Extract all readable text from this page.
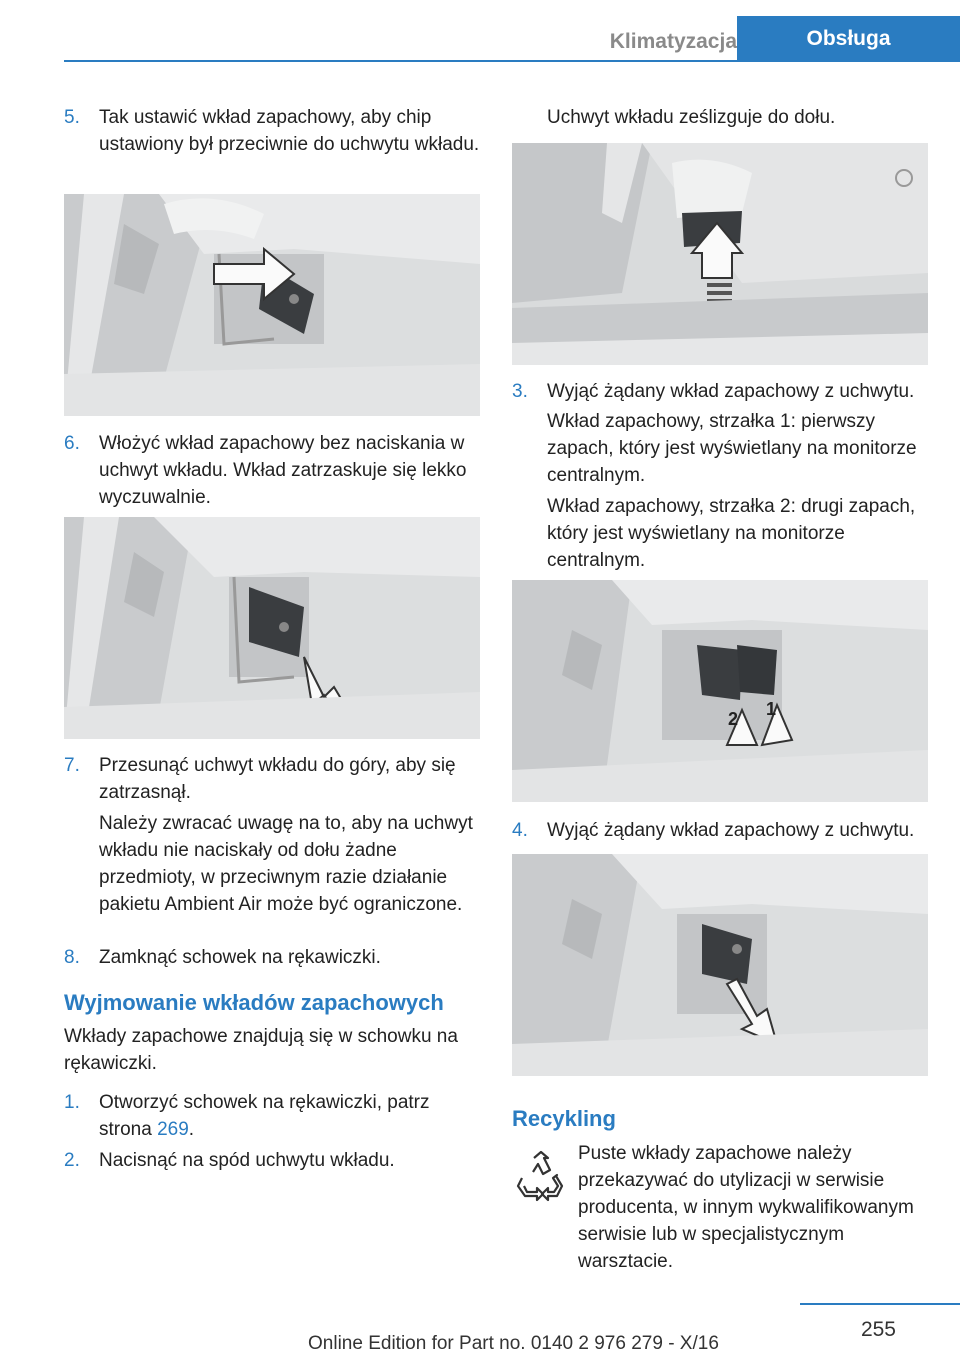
Klimatyzacja	Obsługa
5. Tak ustawić wkład zapachowy, aby chip ustawiony był przeciwnie do uchwytu wkładu.
6. Włożyć wkład zapachowy bez naciskania w uchwyt wkładu. Wkład zatrzaskuje się lekko wyczuwalnie.
7. Przesunąć uchwyt wkładu do góry, aby się zatrzasnął.
Należy zwracać uwagę na to, aby na uchwyt wkładu nie naciskały od dołu żadne przedmioty, w przeciwnym razie działanie pakietu Ambient Air może być ograniczone.
8. Zamknąć schowek na rękawiczki.
Wyjmowanie wkładów zapachowych
Wkłady zapachowe znajdują się w schowku na rękawiczki.
1. Otworzyć schowek na rękawiczki, patrz strona 269.
2. Nacisnąć na spód uchwytu wkładu.
Uchwyt wkładu ześlizguje do dołu.
3. Wyjąć żądany wkład zapachowy z uchwytu.
Wkład zapachowy, strzałka 1: pierwszy zapach, który jest wyświetlany na monitorze centralnym.
Wkład zapachowy, strzałka 2: drugi zapach, który jest wyświetlany na monitorze centralnym.
2 1
4. Wyjąć żądany wkład zapachowy z uchwytu.
Recykling
Puste wkłady zapachowe należy przekazywać do utylizacji w serwisie producenta, w innym wykwalifikowanym serwisie lub w specjalistycznym warsztacie.
255
Online Edition for Part no. 0140 2 976 279 - X/16
